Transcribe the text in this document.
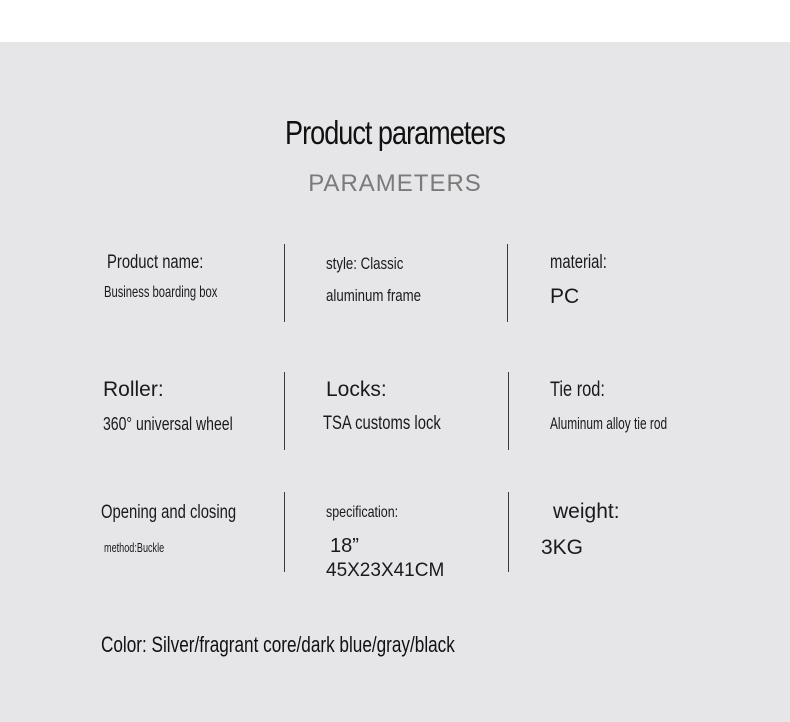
Product parameters
PARAMETERS
Product name:
Business boarding box
style: Classic
aluminum frame
material:
PC
Roller:
360° universal wheel
Locks:
TSA customs lock
Tie rod:
Aluminum alloy tie rod
Opening and closing
method:Buckle
specification:
18”
45X23X41CM
weight:
3KG
Color: Silver/fragrant core/dark blue/gray/black
